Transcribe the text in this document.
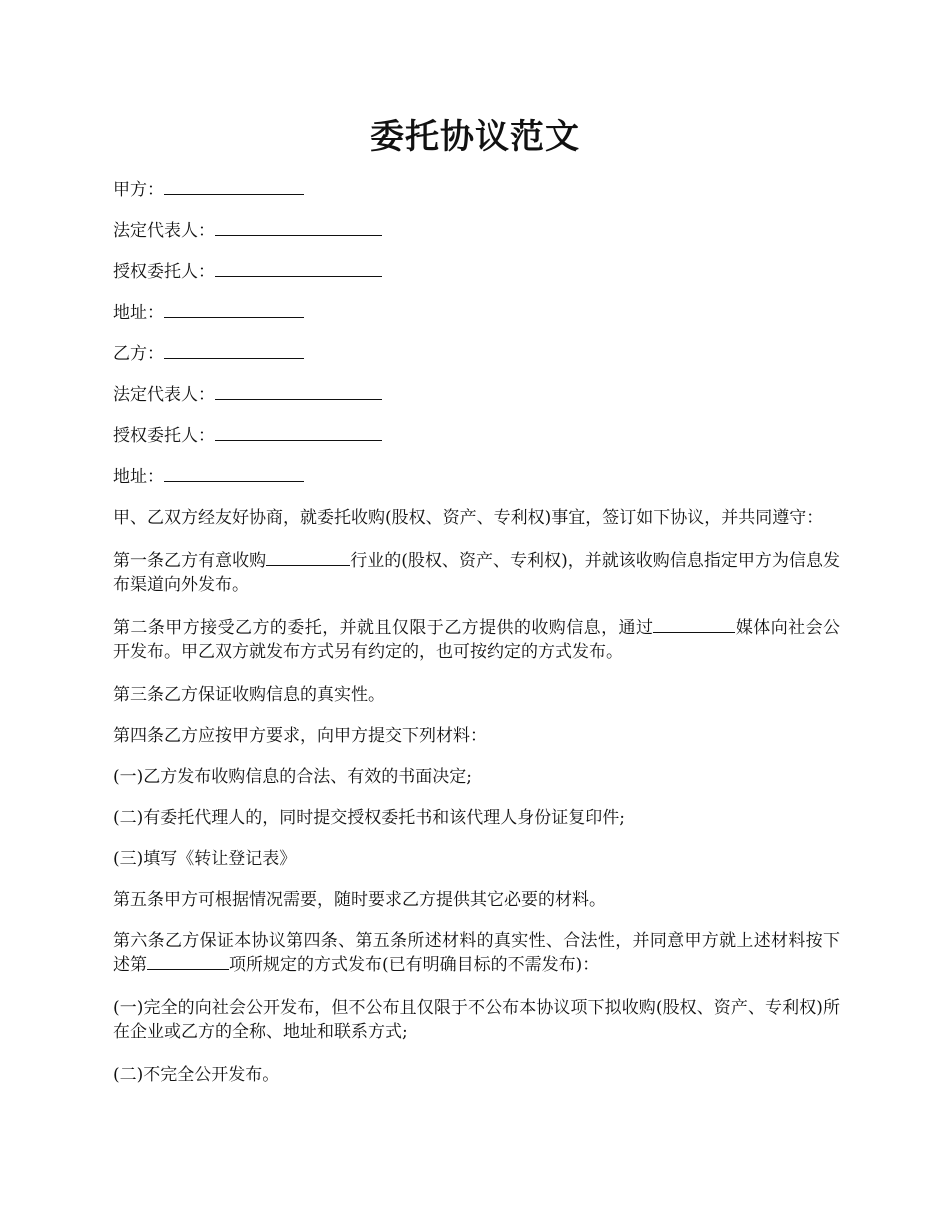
委托协议范文

甲方：

法定代表人：

授权委托人：

地址：

乙方：

法定代表人：

授权委托人：

地址：

甲、乙双方经友好协商，就委托收购(股权、资产、专利权)事宜，签订如下协议，并共同遵守：

第一条乙方有意收购	行业的(股权、资产、专利权)，并就该收购信息指定甲方为信息发布渠道向外发布。

第二条甲方接受乙方的委托，并就且仅限于乙方提供的收购信息，通过	媒体向社会公开发布。甲乙双方就发布方式另有约定的，也可按约定的方式发布。

第三条乙方保证收购信息的真实性。

第四条乙方应按甲方要求，向甲方提交下列材料：

(一)乙方发布收购信息的合法、有效的书面决定;

(二)有委托代理人的，同时提交授权委托书和该代理人身份证复印件;

(三)填写《转让登记表》

第五条甲方可根据情况需要，随时要求乙方提供其它必要的材料。

第六条乙方保证本协议第四条、第五条所述材料的真实性、合法性，并同意甲方就上述材料按下述第	项所规定的方式发布(已有明确目标的不需发布)：

(一)完全的向社会公开发布，但不公布且仅限于不公布本协议项下拟收购(股权、资产、专利权)所在企业或乙方的全称、地址和联系方式;

(二)不完全公开发布。
